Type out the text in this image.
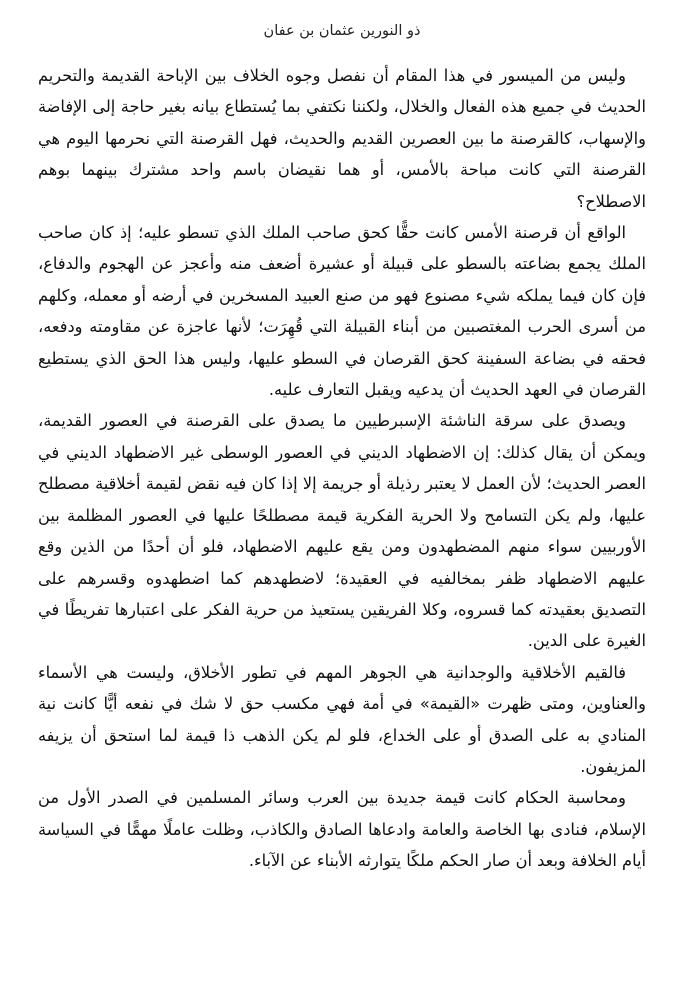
ذو النورين عثمان بن عفان

وليس من الميسور في هذا المقام أن نفصل وجوه الخلاف بين الإباحة القديمة والتحريم الحديث في جميع هذه الفعال والخلال، ولكننا نكتفي بما يُستطاع بيانه بغير حاجة إلى الإفاضة والإسهاب، كالقرصنة ما بين العصرين القديم والحديث، فهل القرصنة التي نحرمها اليوم هي القرصنة التي كانت مباحة بالأمس، أو هما نقيضان باسم واحد مشترك بينهما بوهم الاصطلاح؟

الواقع أن قرصنة الأمس كانت حقًّا كحق صاحب الملك الذي تسطو عليه؛ إذ كان صاحب الملك يجمع بضاعته بالسطو على قبيلة أو عشيرة أضعف منه وأعجز عن الهجوم والدفاع، فإن كان فيما يملكه شيء مصنوع فهو من صنع العبيد المسخرين في أرضه أو معمله، وكلهم من أسرى الحرب المغتصبين من أبناء القبيلة التي قُهِرَت؛ لأنها عاجزة عن مقاومته ودفعه، فحقه في بضاعة السفينة كحق القرصان في السطو عليها، وليس هذا الحق الذي يستطيع القرصان في العهد الحديث أن يدعيه ويقبل التعارف عليه.

ويصدق على سرقة الناشئة الإسبرطيين ما يصدق على القرصنة في العصور القديمة، ويمكن أن يقال كذلك: إن الاضطهاد الديني في العصور الوسطى غير الاضطهاد الديني في العصر الحديث؛ لأن العمل لا يعتبر رذيلة أو جريمة إلا إذا كان فيه نقض لقيمة أخلاقية مصطلح عليها، ولم يكن التسامح ولا الحرية الفكرية قيمة مصطلحًا عليها في العصور المظلمة بين الأوربيين سواء منهم المضطهدون ومن يقع عليهم الاضطهاد، فلو أن أحدًا من الذين وقع عليهم الاضطهاد ظفر بمخالفيه في العقيدة؛ لاضطهدهم كما اضطهدوه وقسرهم على التصديق بعقيدته كما قسروه، وكلا الفريقين يستعيذ من حرية الفكر على اعتبارها تفريطًا في الغيرة على الدين.

فالقيم الأخلاقية والوجدانية هي الجوهر المهم في تطور الأخلاق، وليست هي الأسماء والعناوين، ومتى ظهرت «القيمة» في أمة فهي مكسب حق لا شك في نفعه أيًّا كانت نية المنادي به على الصدق أو على الخداع، فلو لم يكن الذهب ذا قيمة لما استحق أن يزيفه المزيفون.

ومحاسبة الحكام كانت قيمة جديدة بين العرب وسائر المسلمين في الصدر الأول من الإسلام، فنادى بها الخاصة والعامة وادعاها الصادق والكاذب، وظلت عاملًا مهمًّا في السياسة أيام الخلافة وبعد أن صار الحكم ملكًا يتوارثه الأبناء عن الآباء.
